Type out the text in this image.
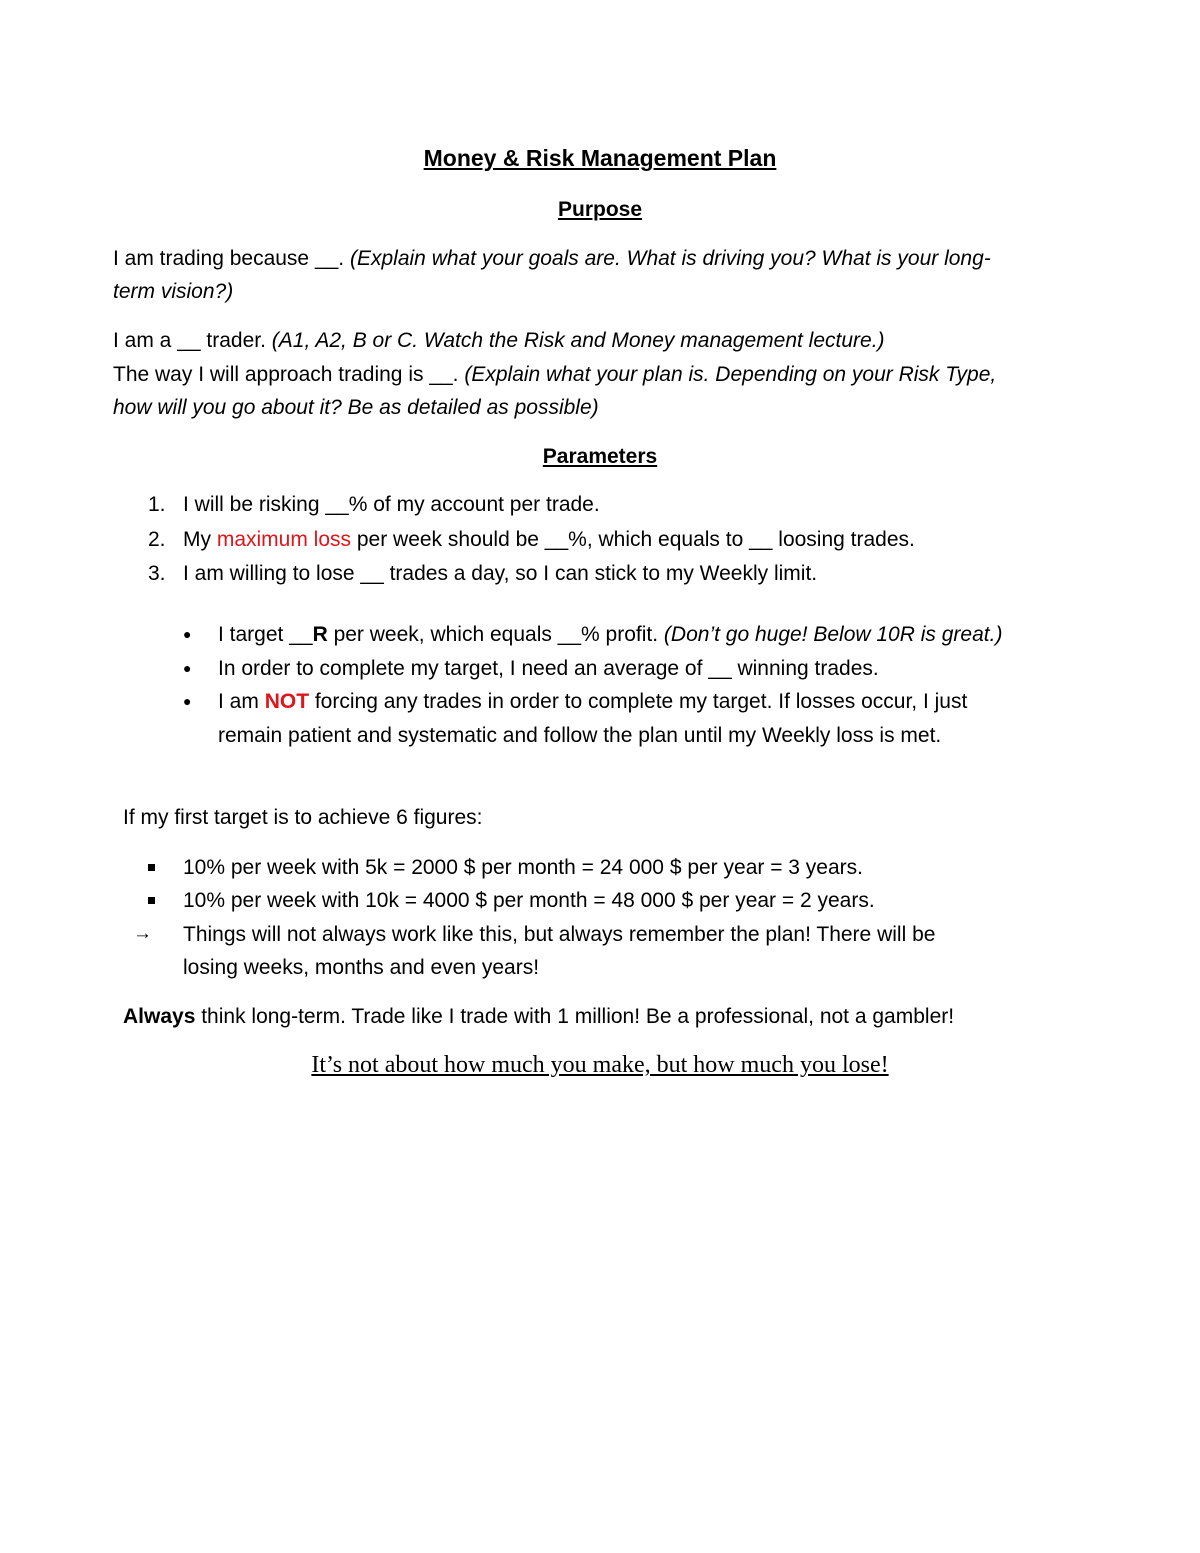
Money & Risk Management Plan
Purpose
I am trading because __. (Explain what your goals are. What is driving you? What is your long-
term vision?)
I am a __ trader. (A1, A2, B or C. Watch the Risk and Money management lecture.)
The way I will approach trading is __. (Explain what your plan is. Depending on your Risk Type,
how will you go about it? Be as detailed as possible)
Parameters
1. I will be risking __% of my account per trade.
2. My maximum loss per week should be __%, which equals to __ loosing trades.
3. I am willing to lose __ trades a day, so I can stick to my Weekly limit.
● I target __R per week, which equals __% profit. (Don’t go huge! Below 10R is great.)
● In order to complete my target, I need an average of __ winning trades.
● I am NOT forcing any trades in order to complete my target. If losses occur, I just
remain patient and systematic and follow the plan until my Weekly loss is met.
If my first target is to achieve 6 figures:
10% per week with 5k = 2000 $ per month = 24 000 $ per year = 3 years.
10% per week with 10k = 4000 $ per month = 48 000 $ per year = 2 years.
→ Things will not always work like this, but always remember the plan! There will be
losing weeks, months and even years!
Always think long-term. Trade like I trade with 1 million! Be a professional, not a gambler!
It’s not about how much you make, but how much you lose!
